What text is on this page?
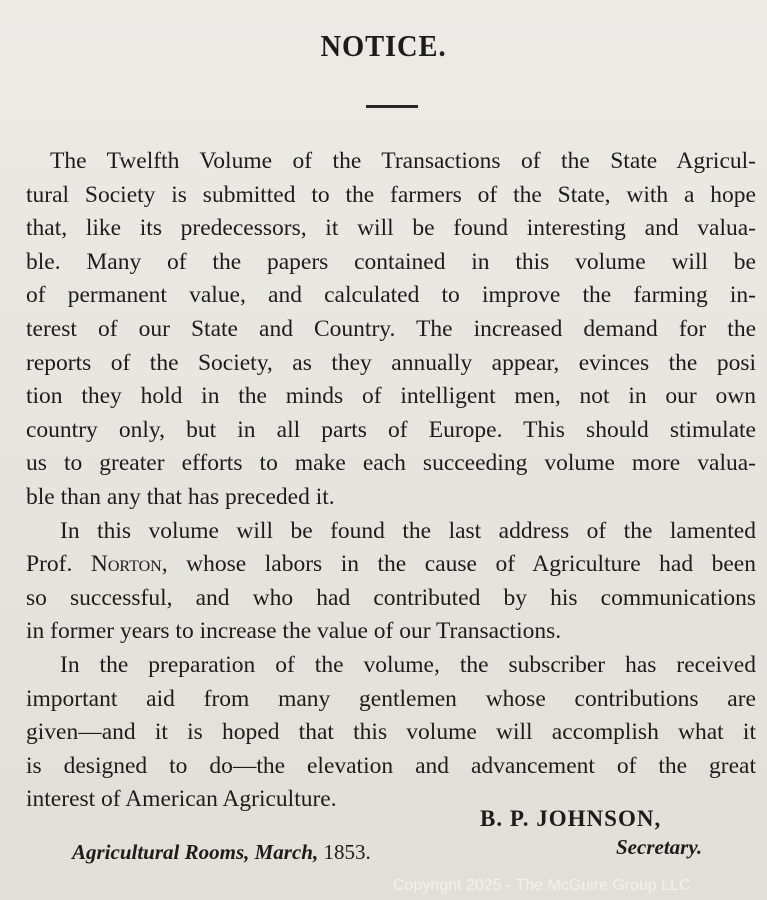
NOTICE.
The Twelfth Volume of the Transactions of the State Agricul-
tural Society is submitted to the farmers of the State, with a hope
that, like its predecessors, it will be found interesting and valua-
ble. Many of the papers contained in this volume will be
of permanent value, and calculated to improve the farming in-
terest of our State and Country. The increased demand for the
reports of the Society, as they annually appear, evinces the posi
tion they hold in the minds of intelligent men, not in our own
country only, but in all parts of Europe. This should stimulate
us to greater efforts to make each succeeding volume more valua-
ble than any that has preceded it.
In this volume will be found the last address of the lamented
Prof. Norton, whose labors in the cause of Agriculture had been
so successful, and who had contributed by his communications
in former years to increase the value of our Transactions.
In the preparation of the volume, the subscriber has received
important aid from many gentlemen whose contributions are
given—and it is hoped that this volume will accomplish what it
is designed to do—the elevation and advancement of the great
interest of American Agriculture.
B. P. JOHNSON,
Secretary.
Agricultural Rooms, March, 1853.
Copyright 2025 - The McGuire Group LLC
